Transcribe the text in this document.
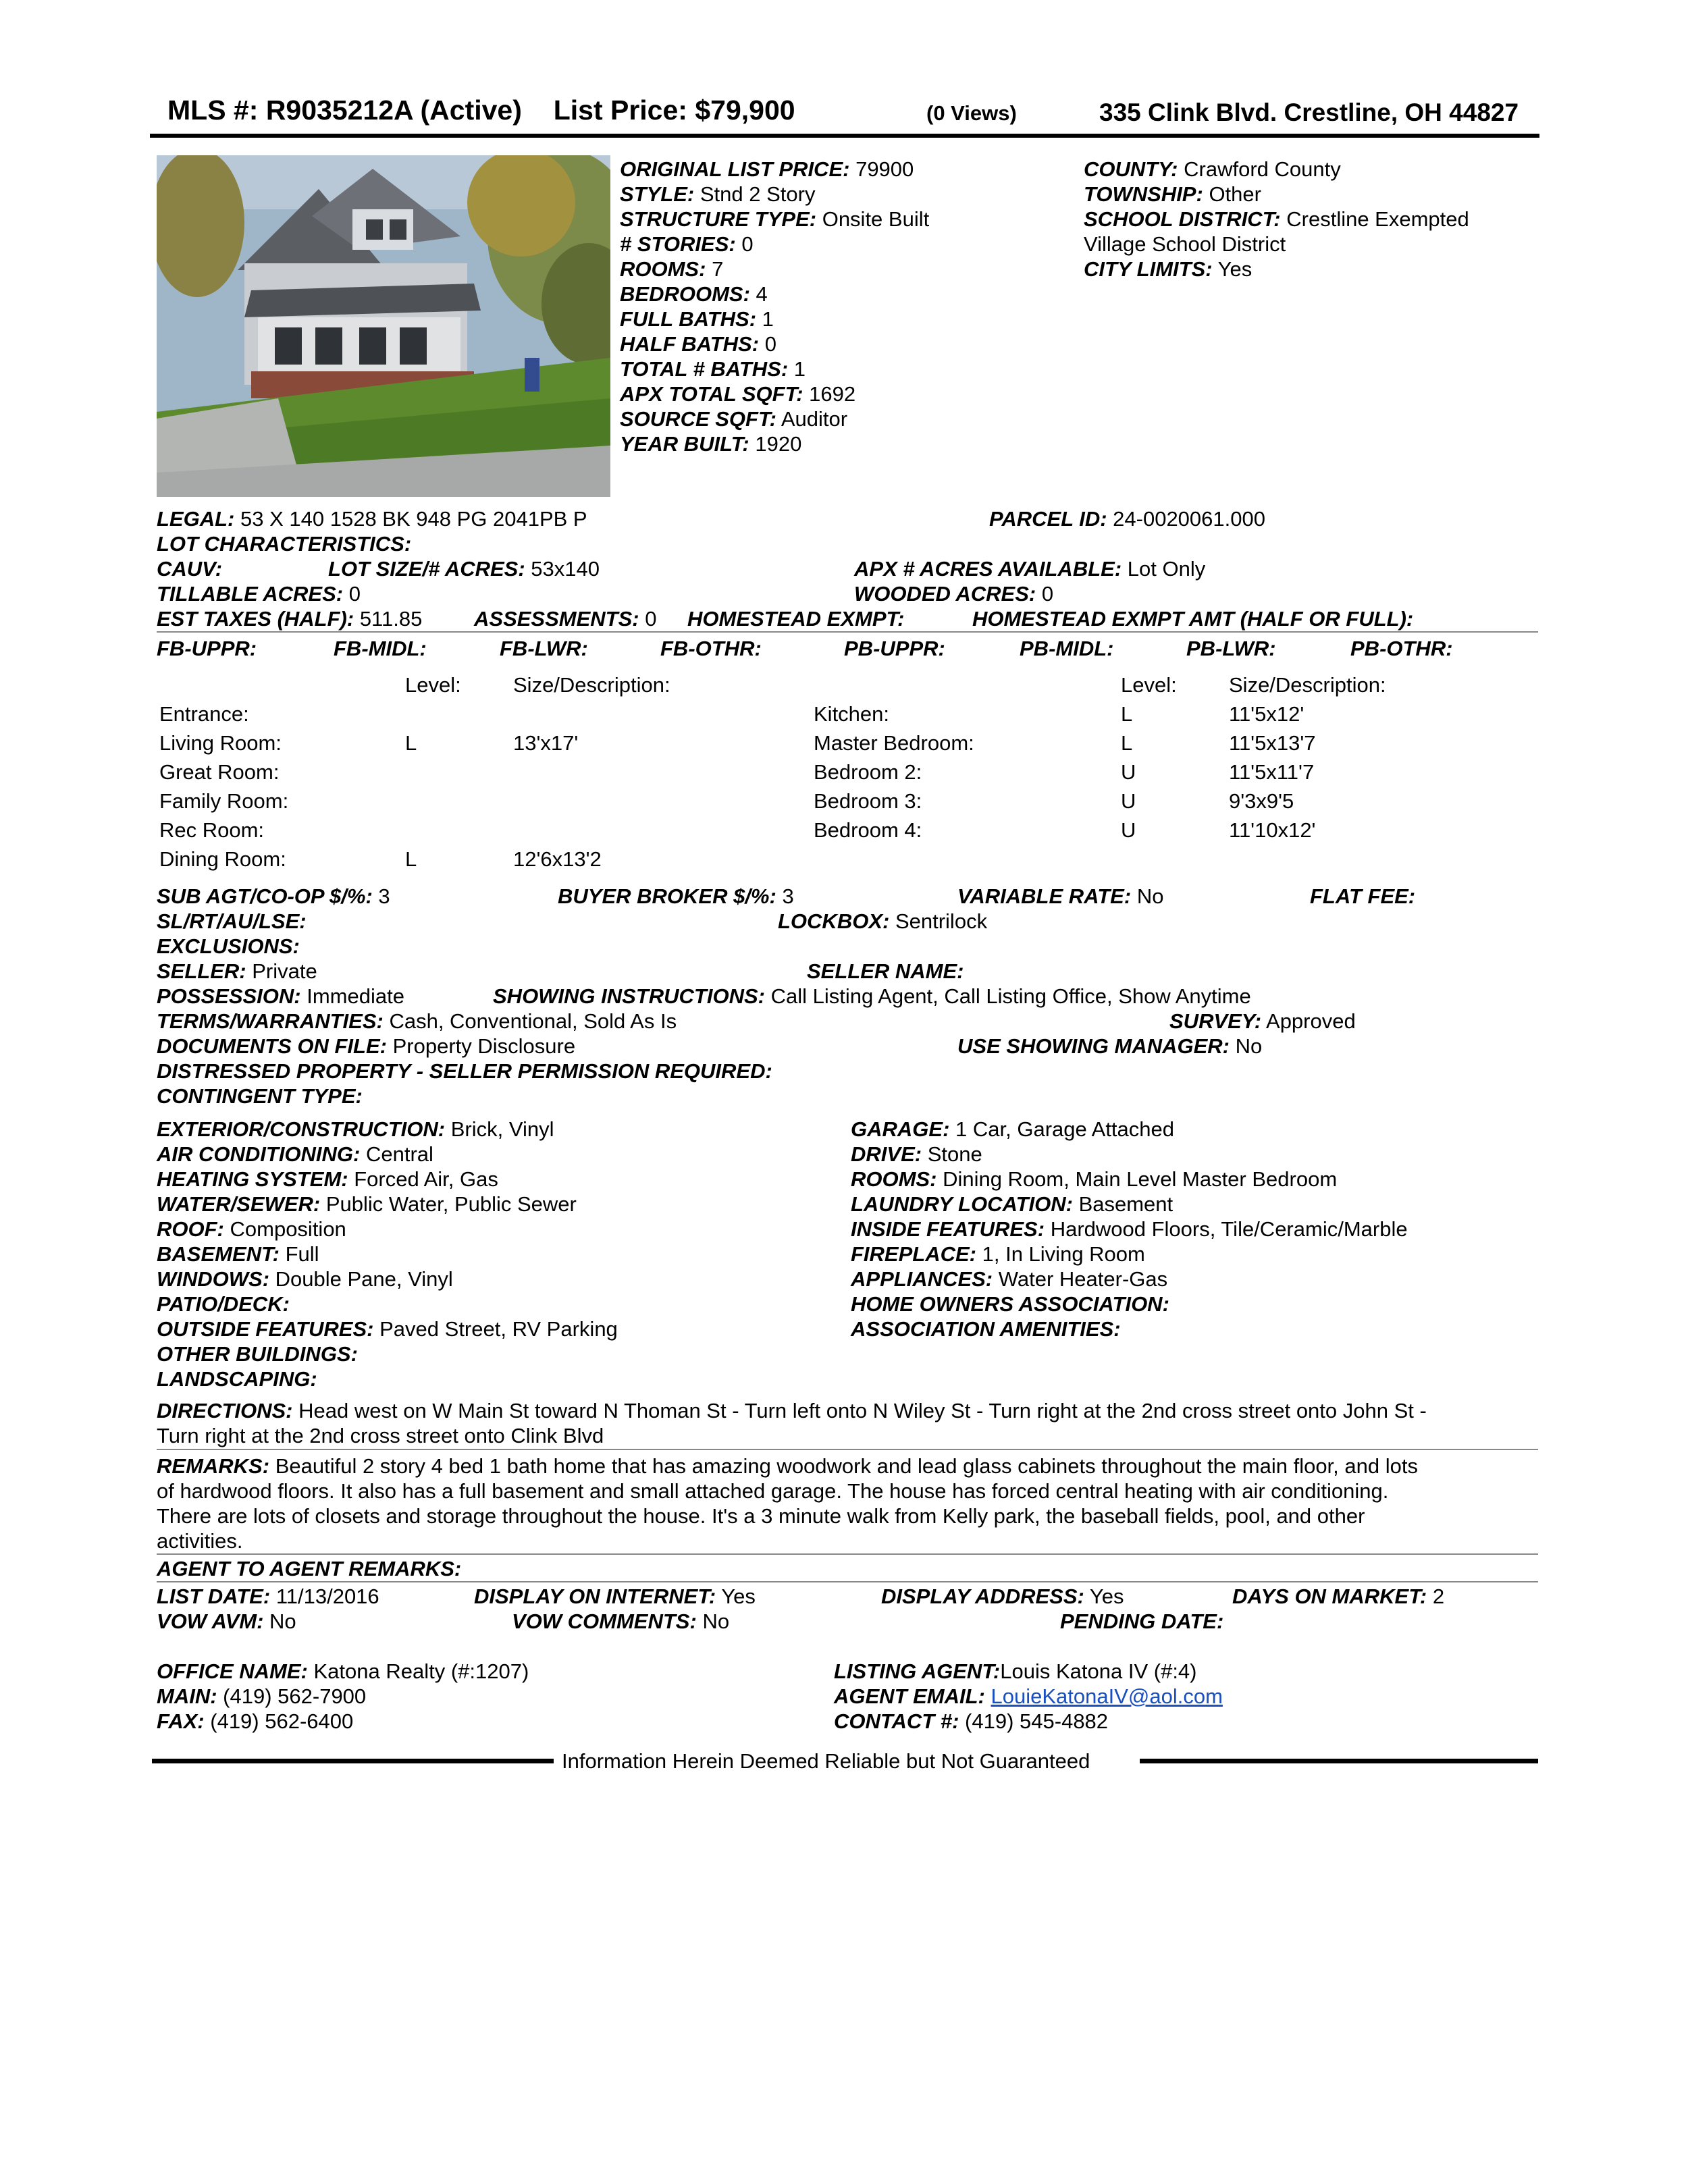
MLS #: R9035212A (Active) List Price: $79,900	(0 Views)	335 Clink Blvd. Crestline, OH 44827
ORIGINAL LIST PRICE: 79900
STYLE: Stnd 2 Story
STRUCTURE TYPE: Onsite Built
# STORIES: 0
ROOMS: 7
BEDROOMS: 4
FULL BATHS: 1
HALF BATHS: 0
TOTAL # BATHS: 1
APX TOTAL SQFT: 1692
SOURCE SQFT: Auditor
YEAR BUILT: 1920
COUNTY: Crawford County
TOWNSHIP: Other
SCHOOL DISTRICT: Crestline Exempted
Village School District
CITY LIMITS: Yes
LEGAL: 53 X 140 1528 BK 948 PG 2041PB P	PARCEL ID: 24-0020061.000
LOT CHARACTERISTICS:
CAUV:	LOT SIZE/# ACRES: 53x140	APX # ACRES AVAILABLE: Lot Only
TILLABLE ACRES: 0	WOODED ACRES: 0
EST TAXES (HALF): 511.85 ASSESSMENTS: 0 HOMESTEAD EXMPT:	HOMESTEAD EXMPT AMT (HALF OR FULL):
FB-UPPR:	FB-MIDL:	FB-LWR:	FB-OTHR:	PB-UPPR:	PB-MIDL:	PB-LWR:	PB-OTHR:
Level: Size/Description:	Level: Size/Description:
Entrance:
Living Room:	L	13'x17'
Great Room:
Family Room:
Rec Room:
Dining Room:	L	12'6x13'2
Kitchen:	L	11'5x12'
Master Bedroom:	L	11'5x13'7
Bedroom 2:	U	11'5x11'7
Bedroom 3:	U	9'3x9'5
Bedroom 4:	U	11'10x12'
SUB AGT/CO-OP $/%: 3	BUYER BROKER $/%: 3	VARIABLE RATE: No	FLAT FEE:
SL/RT/AU/LSE:	LOCKBOX: Sentrilock
EXCLUSIONS:
SELLER: Private	SELLER NAME:
POSSESSION: Immediate	SHOWING INSTRUCTIONS: Call Listing Agent, Call Listing Office, Show Anytime
TERMS/WARRANTIES: Cash, Conventional, Sold As Is	SURVEY: Approved
DOCUMENTS ON FILE: Property Disclosure	USE SHOWING MANAGER: No
DISTRESSED PROPERTY - SELLER PERMISSION REQUIRED:
CONTINGENT TYPE:
EXTERIOR/CONSTRUCTION: Brick, Vinyl
AIR CONDITIONING: Central
HEATING SYSTEM: Forced Air, Gas
WATER/SEWER: Public Water, Public Sewer
ROOF: Composition
BASEMENT: Full
WINDOWS: Double Pane, Vinyl
PATIO/DECK:
OUTSIDE FEATURES: Paved Street, RV Parking
OTHER BUILDINGS:
LANDSCAPING:
GARAGE: 1 Car, Garage Attached
DRIVE: Stone
ROOMS: Dining Room, Main Level Master Bedroom
LAUNDRY LOCATION: Basement
INSIDE FEATURES: Hardwood Floors, Tile/Ceramic/Marble
FIREPLACE: 1, In Living Room
APPLIANCES: Water Heater-Gas
HOME OWNERS ASSOCIATION:
ASSOCIATION AMENITIES:
DIRECTIONS: Head west on W Main St toward N Thoman St - Turn left onto N Wiley St - Turn right at the 2nd cross street onto John St -
Turn right at the 2nd cross street onto Clink Blvd
REMARKS: Beautiful 2 story 4 bed 1 bath home that has amazing woodwork and lead glass cabinets throughout the main floor, and lots
of hardwood floors. It also has a full basement and small attached garage. The house has forced central heating with air conditioning.
There are lots of closets and storage throughout the house. It's a 3 minute walk from Kelly park, the baseball fields, pool, and other
activities.
AGENT TO AGENT REMARKS:
LIST DATE: 11/13/2016	DISPLAY ON INTERNET: Yes	DISPLAY ADDRESS: Yes	DAYS ON MARKET: 2
VOW AVM: No	VOW COMMENTS: No	PENDING DATE:
OFFICE NAME: Katona Realty (#:1207)
MAIN: (419) 562-7900
FAX: (419) 562-6400
LISTING AGENT:Louis Katona IV (#:4)
AGENT EMAIL: LouieKatonaIV@aol.com
CONTACT #: (419) 545-4882
Information Herein Deemed Reliable but Not Guaranteed
